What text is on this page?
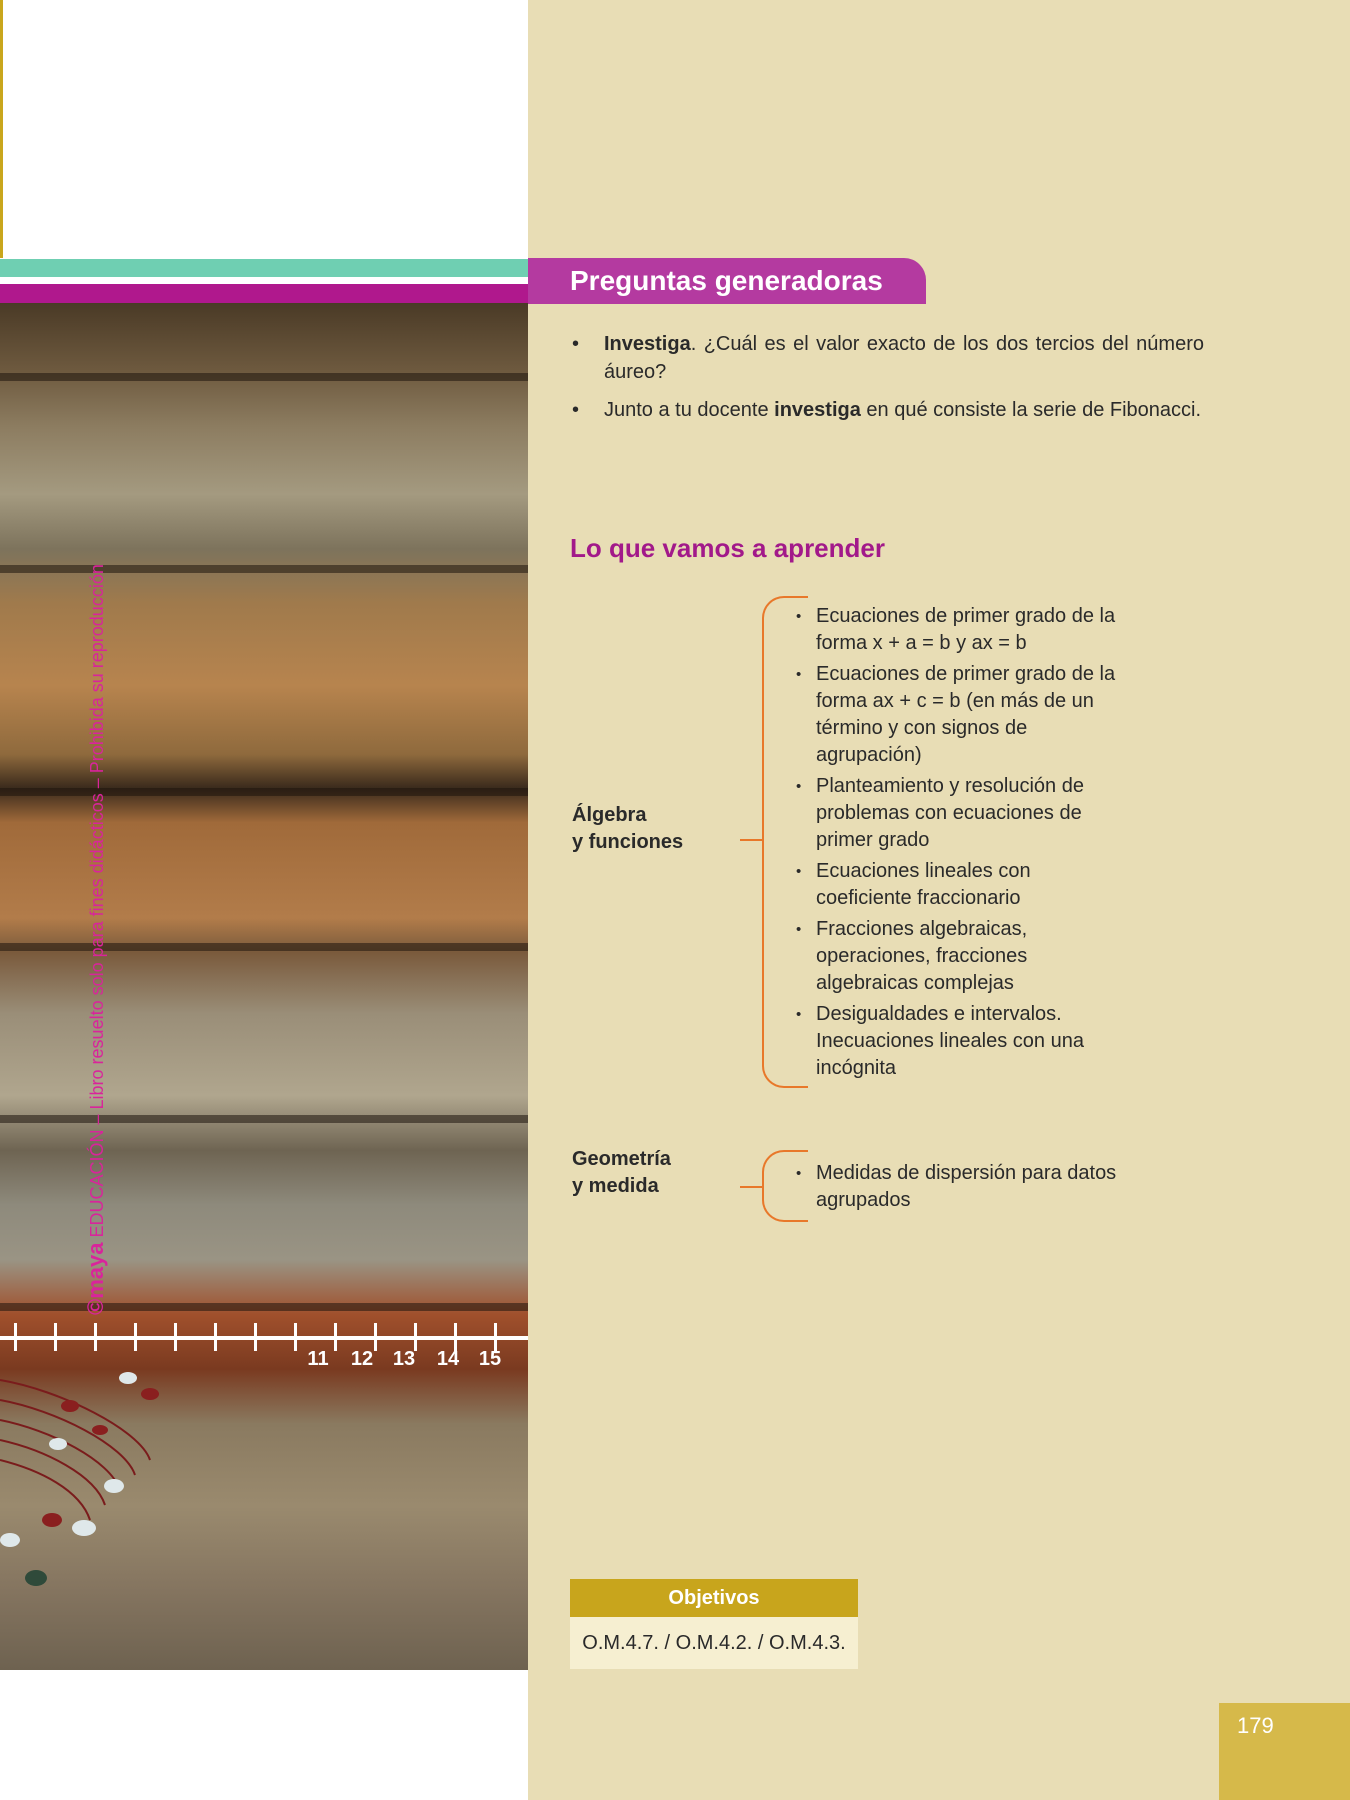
11	12 13	14 15
©maya EDUCACIÓN – Libro resuelto solo para fines didácticos – Prohibida su reproducción
Preguntas generadoras
• Investiga. ¿Cuál es el valor exacto de los dos tercios del número áureo?
• Junto a tu docente investiga en qué consiste la serie de Fibonacci.
Lo que vamos a aprender
Álgebra
y funciones
• Ecuaciones de primer grado de la forma x + a = b y ax = b
• Ecuaciones de primer grado de la forma ax + c = b (en más de un término y con signos de agrupación)
• Planteamiento y resolución de problemas con ecuaciones de primer grado
• Ecuaciones lineales con coeficiente fraccionario
• Fracciones algebraicas, operaciones, fracciones algebraicas complejas
• Desigualdades e intervalos. Inecuaciones lineales con una incógnita
Geometría
y medida
• Medidas de dispersión para datos agrupados
Objetivos
O.M.4.7. / O.M.4.2. / O.M.4.3.
179
